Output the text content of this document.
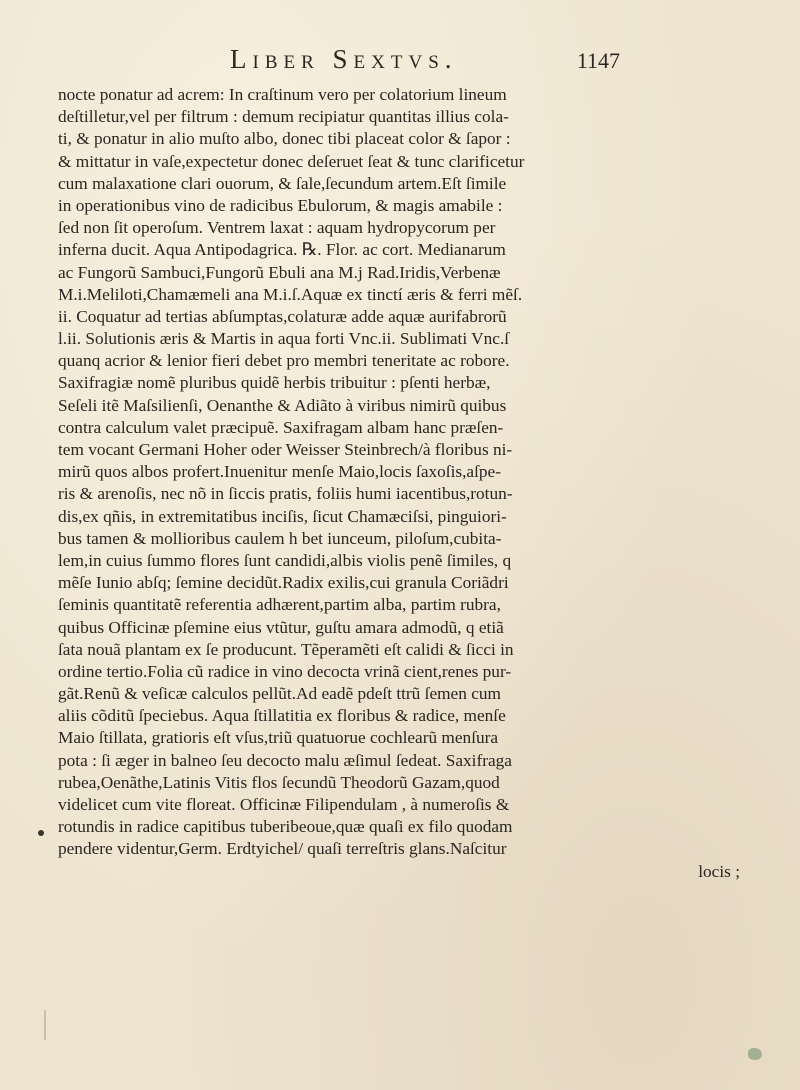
Liber Sextvs.	1147
nocte ponatur ad acrem: In craſtinum vero per colatorium lineum
deſtilletur,vel per filtrum : demum recipiatur quantitas illius cola-
ti, & ponatur in alio muſto albo, donec tibi placeat color & ſapor :
& mittatur in vaſe,expectetur donec deſeruet ſeat & tunc clarificetur
cum malaxatione clari ouorum, & ſale,ſecundum artem.Eſt ſimile
in operationibus vino de radicibus Ebulorum, & magis amabile :
ſed non ſit operoſum. Ventrem laxat : aquam hydropycorum per
inferna ducit. Aqua Antipodagrica. ℞. Flor. ac cort. Medianarum
ac Fungorũ Sambuci,Fungorũ Ebuli ana M.j Rad.Iridis,Verbenæ
M.i.Meliloti,Chamæmeli ana M.i.ſ.Aquæ ex tinctí æris & ferri mẽſ.
ii. Coquatur ad tertias abſumptas,colaturæ adde aquæ aurifabrorũ
l.ii. Solutionis æris & Martis in aqua forti Vnc.ii. Sublimati Vnc.ſ
quanq acrior & lenior fieri debet pro membri teneritate ac robore.
Saxifragiæ nomẽ pluribus quidẽ herbis tribuitur : pſenti herbæ,
Seſeli itẽ Maſsilienſi, Oenanthe & Adiãto à viribus nimirũ quibus
contra calculum valet præcipuẽ. Saxifragam albam hanc præſen-
tem vocant Germani Hoher oder Weisser Steinbrech/à floribus ni-
mirũ quos albos profert.Inuenitur menſe Maio,locis ſaxoſis,aſpe-
ris & arenoſis, nec nõ in ſiccis pratis, foliis humi iacentibus,rotun-
dis,ex qñis, in extremitatibus inciſis, ſicut Chamæciſsi, pinguiori-
bus tamen & mollioribus caulem h bet iunceum, piloſum,cubita-
lem,in cuius ſummo flores ſunt candidi,albis violis penẽ ſimiles, q
mẽſe Iunio abſq; ſemine decidũt.Radix exilis,cui granula Coriãdri
ſeminis quantitatẽ referentia adhærent,partim alba, partim rubra,
quibus Officinæ pſemine eius vtũtur, guſtu amara admodũ, q etiã
ſata nouã plantam ex ſe producunt. Tẽperamẽti eſt calidi & ſicci in
ordine tertio.Folia cũ radice in vino decocta vrinã cient,renes pur-
gãt.Renũ & veſicæ calculos pellũt.Ad eadẽ pdeſt ttrũ ſemen cum
aliis cõditũ ſpeciebus. Aqua ſtillatitia ex floribus & radice, menſe
Maio ſtillata, gratioris eſt vſus,triũ quatuorue cochlearũ menſura
pota : ſi æger in balneo ſeu decocto malu æſimul ſedeat. Saxifraga
rubea,Oenãthe,Latinis Vitis flos ſecundũ Theodorũ Gazam,quod
videlicet cum vite floreat. Officinæ Filipendulam , à numeroſis &
rotundis in radice capitibus tuberibeoue,quæ quaſi ex filo quodam
pendere videntur,Germ. Erdtyichel/ quaſi terreſtris glans.Naſcitur
locis ;
